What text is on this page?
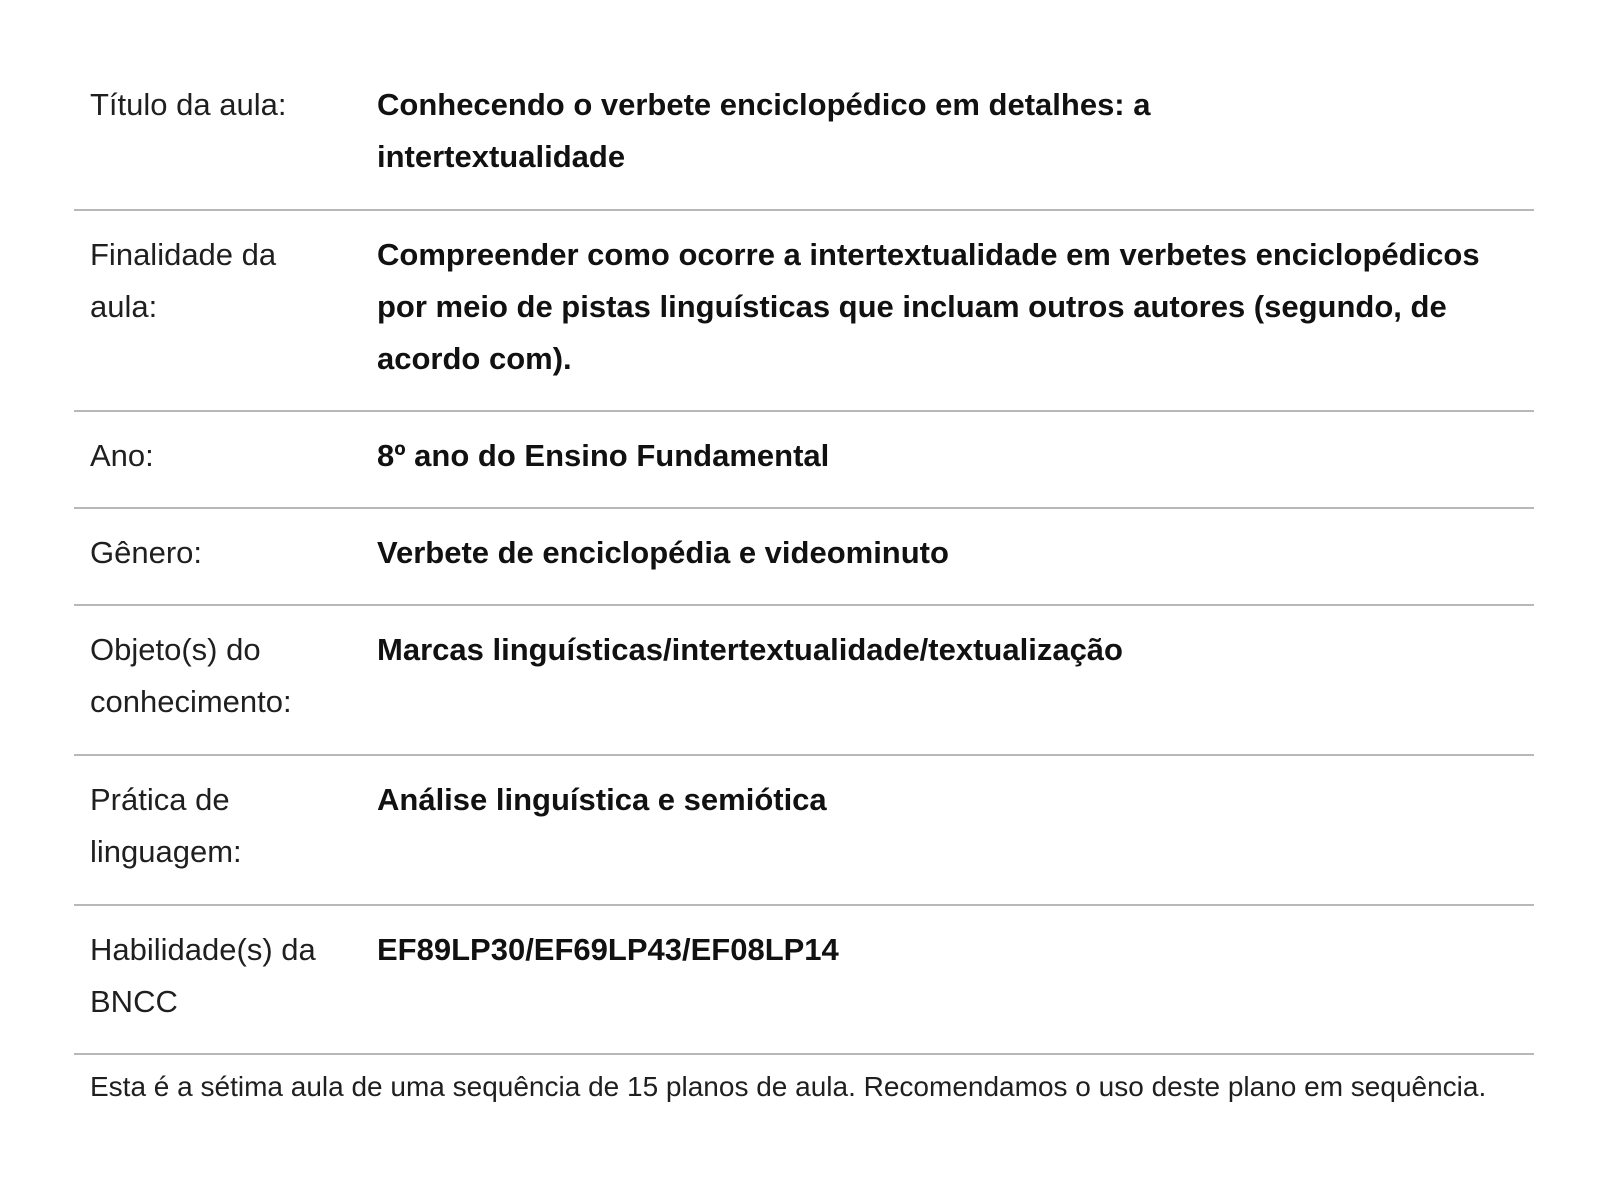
Título da aula:	Conhecendo o verbete enciclopédico em detalhes: a intertextualidade
Finalidade da aula:
Compreender como ocorre a intertextualidade em verbetes enciclopédicos por meio de pistas linguísticas que incluam outros autores (segundo, de acordo com).
Ano:	8º ano do Ensino Fundamental
Gênero:	Verbete de enciclopédia e videominuto
Objeto(s) do conhecimento:
Marcas linguísticas/intertextualidade/textualização
Prática de linguagem:
Análise linguística e semiótica
Habilidade(s) da BNCC
EF89LP30/EF69LP43/EF08LP14
Esta é a sétima aula de uma sequência de 15 planos de aula. Recomendamos o uso deste plano em sequência.
